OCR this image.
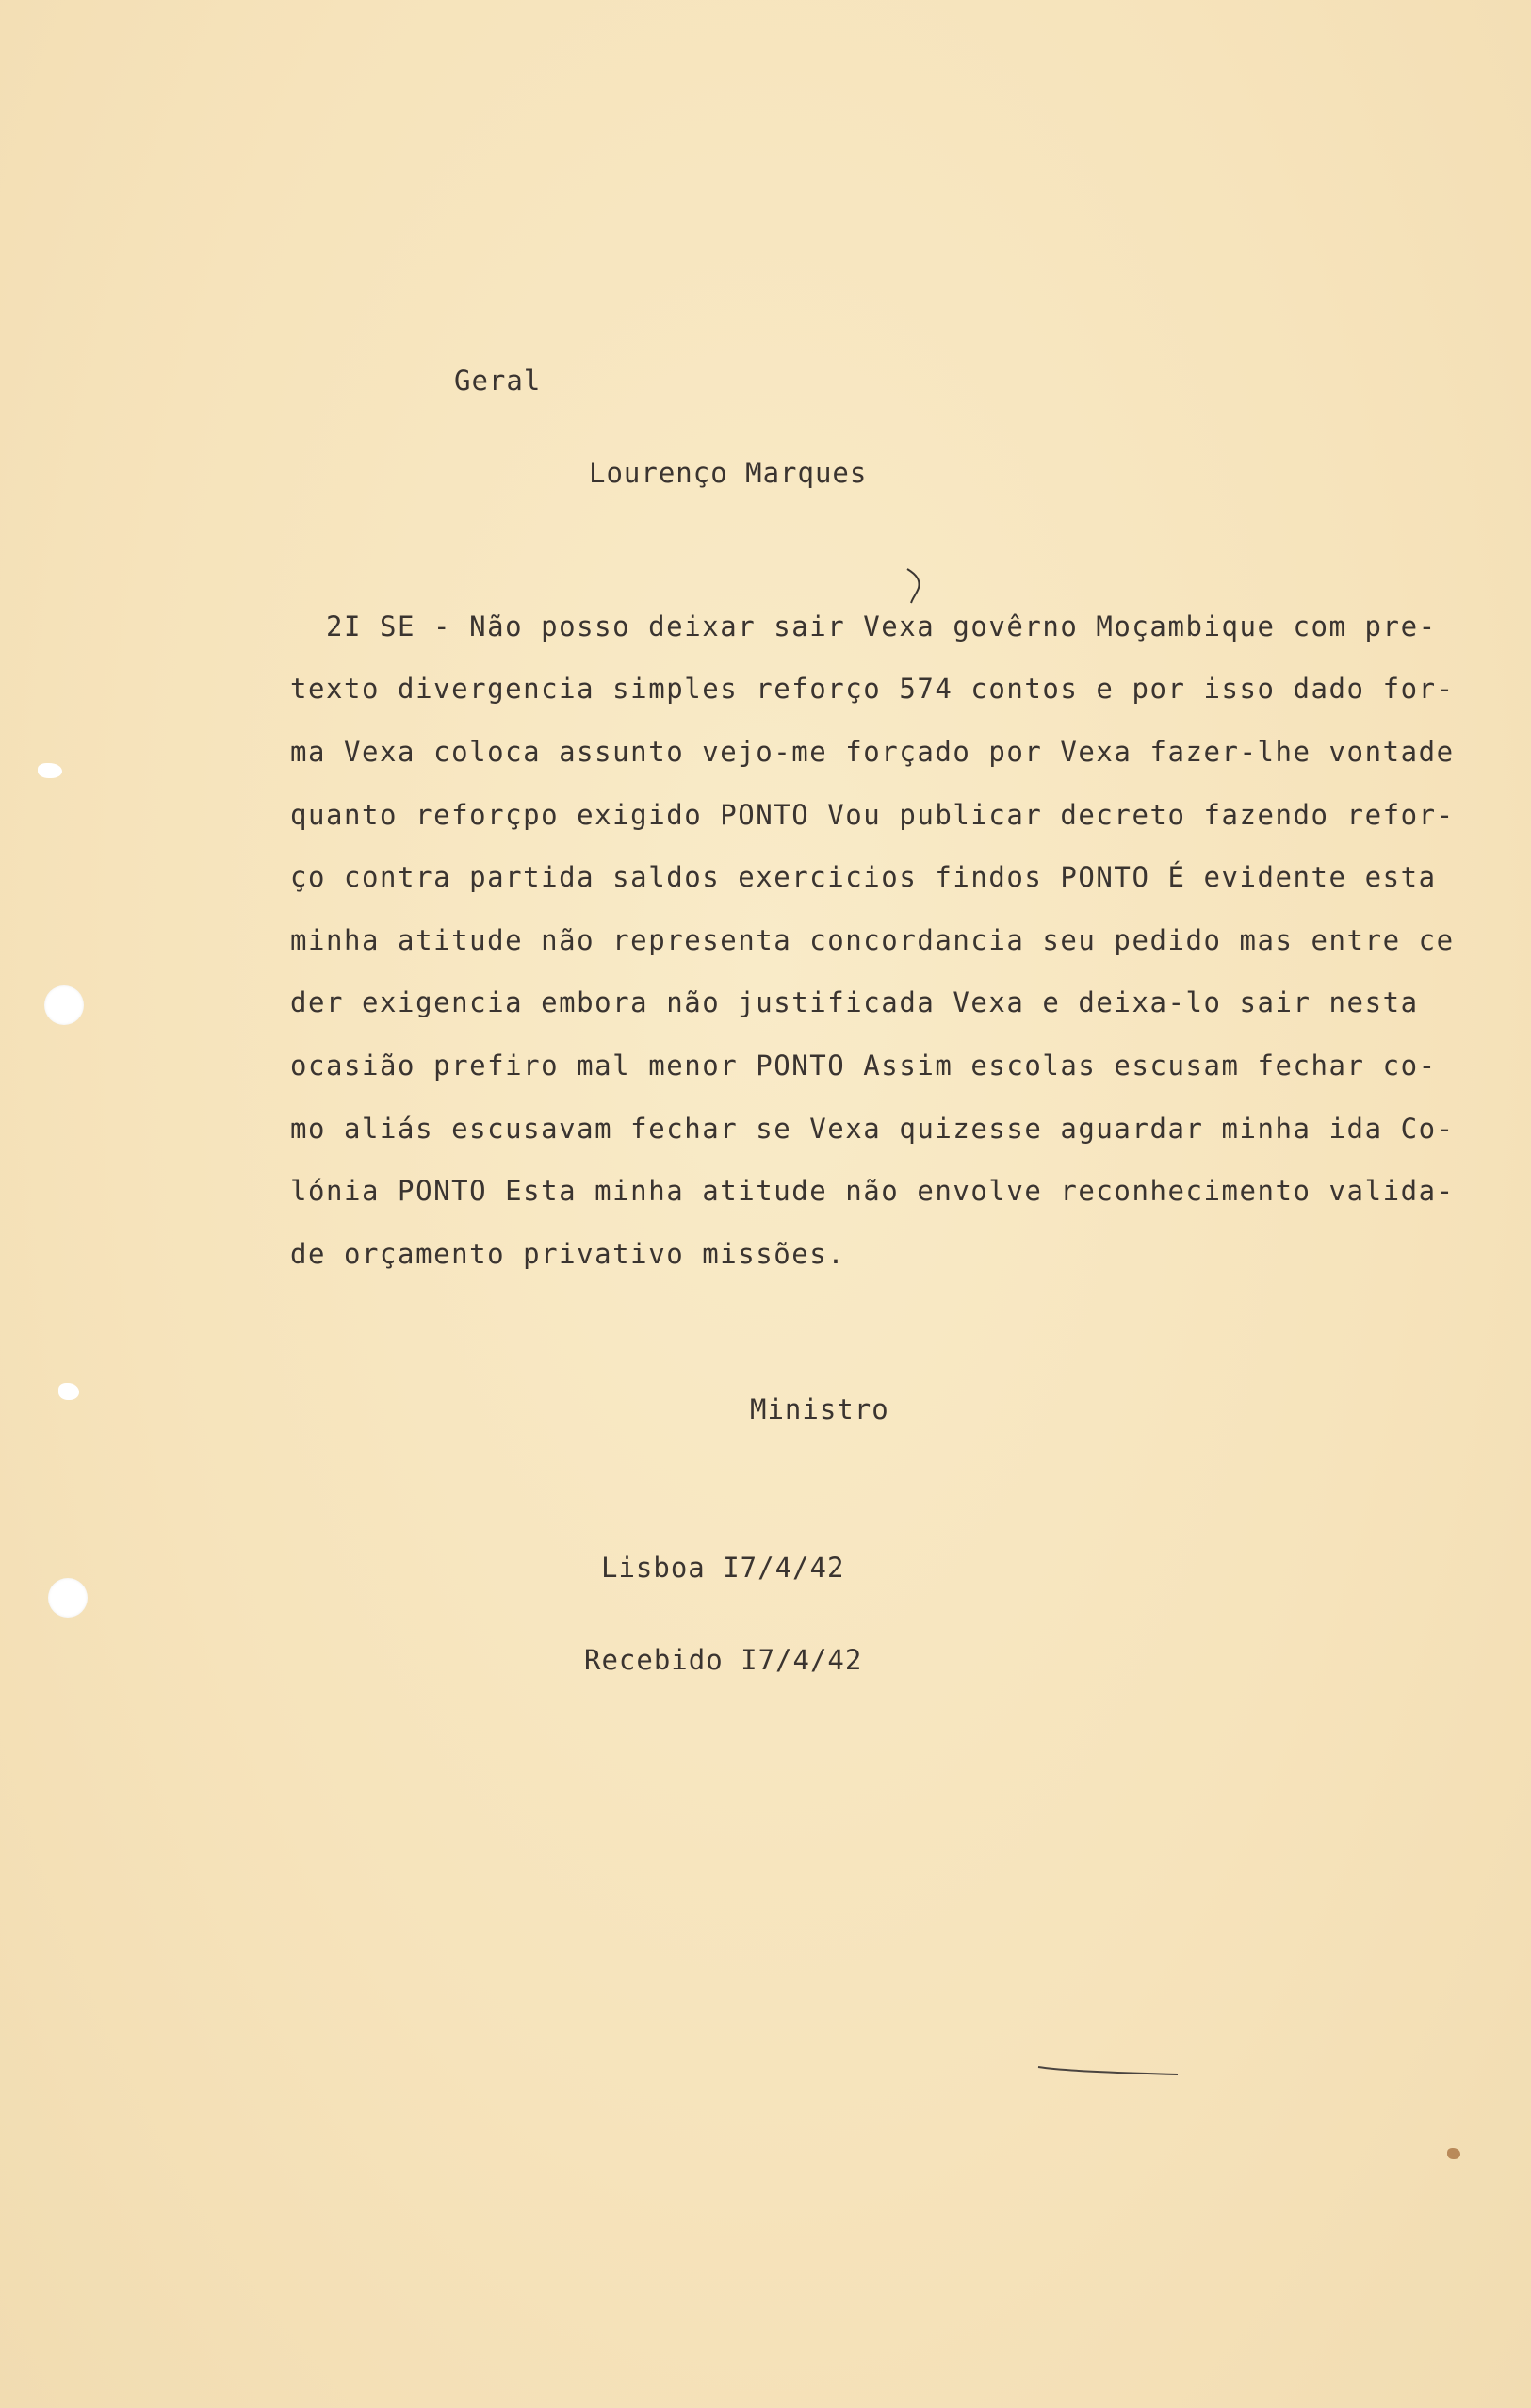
Geral
Lourenço Marques
2I SE - Não posso deixar sair Vexa govêrno Moçambique com pre-
texto divergencia simples reforço 574 contos e por isso dado for-
ma Vexa coloca assunto vejo-me forçado por Vexa fazer-lhe vontade
quanto reforçpo exigido PONTO Vou publicar decreto fazendo refor-
ço contra partida saldos exercicios findos PONTO É evidente esta
minha atitude não representa concordancia seu pedido mas entre ce
der exigencia embora não justificada Vexa e deixa-lo sair nesta
ocasião prefiro mal menor PONTO Assim escolas escusam fechar co-
mo aliás escusavam fechar se Vexa quizesse aguardar minha ida Co-
lónia PONTO Esta minha atitude não envolve reconhecimento valida-
de orçamento privativo missões.
Ministro
Lisboa I7/4/42
Recebido I7/4/42
